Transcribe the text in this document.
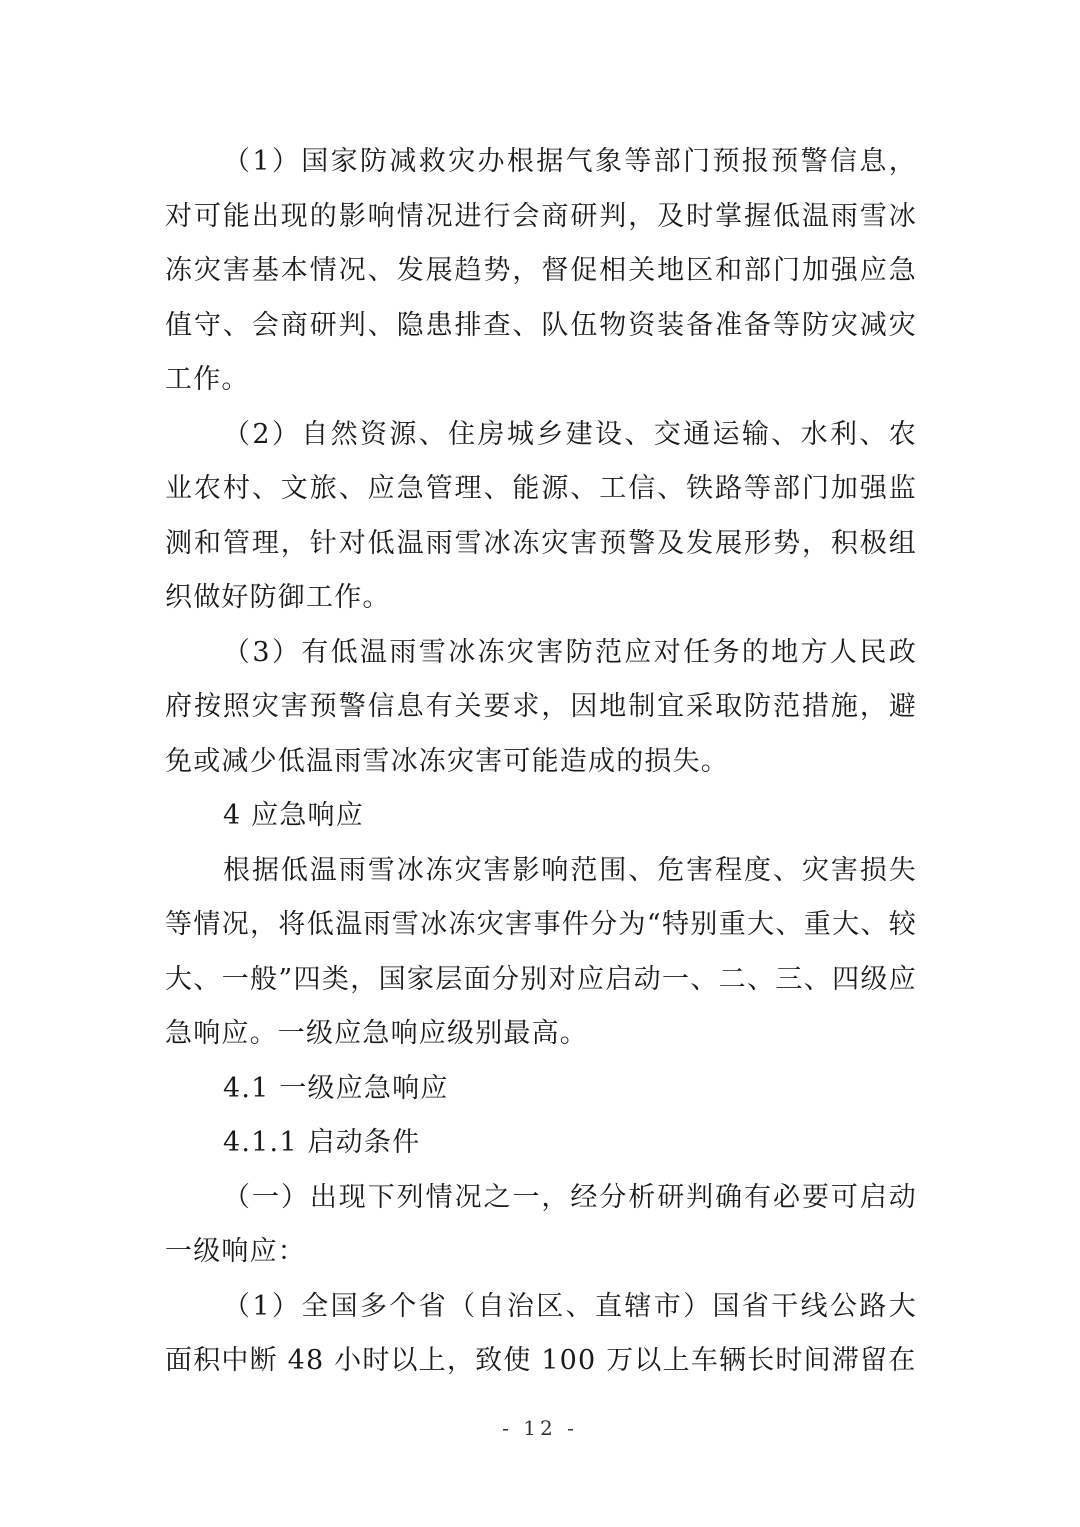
（1）国家防减救灾办根据气象等部门预报预警信息，对可能出现的影响情况进行会商研判，及时掌握低温雨雪冰冻灾害基本情况、发展趋势，督促相关地区和部门加强应急值守、会商研判、隐患排查、队伍物资装备准备等防灾减灾工作。

（2）自然资源、住房城乡建设、交通运输、水利、农业农村、文旅、应急管理、能源、工信、铁路等部门加强监测和管理，针对低温雨雪冰冻灾害预警及发展形势，积极组织做好防御工作。

（3）有低温雨雪冰冻灾害防范应对任务的地方人民政府按照灾害预警信息有关要求，因地制宜采取防范措施，避免或减少低温雨雪冰冻灾害可能造成的损失。

4 应急响应

根据低温雨雪冰冻灾害影响范围、危害程度、灾害损失等情况，将低温雨雪冰冻灾害事件分为“特别重大、重大、较大、一般”四类，国家层面分别对应启动一、二、三、四级应急响应。一级应急响应级别最高。

4.1 一级应急响应

4.1.1 启动条件

（一）出现下列情况之一，经分析研判确有必要可启动一级响应：

（1）全国多个省（自治区、直辖市）国省干线公路大面积中断 48 小时以上，致使 100 万以上车辆长时间滞留在

- 12 -
